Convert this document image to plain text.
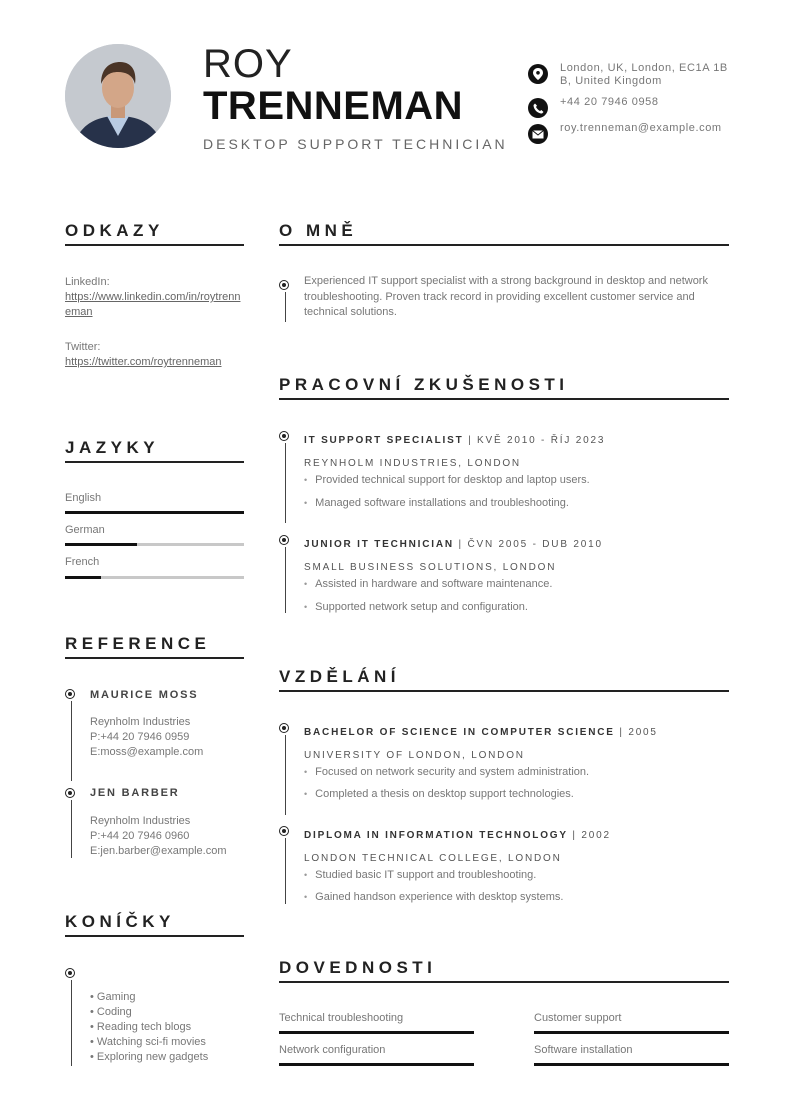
ROY
TRENNEMAN
DESKTOP SUPPORT TECHNICIAN
London, UK, London, EC1A 1BB, United Kingdom
+44 20 7946 0958
roy.trenneman@example.com
ODKAZY
LinkedIn:
https://www.linkedin.com/in/roytrenneman
Twitter:
https://twitter.com/roytrenneman
JAZYKY
English
German
French
REFERENCE
MAURICE MOSS
Reynholm Industries
P:+44 20 7946 0959
E:moss@example.com
JEN BARBER
Reynholm Industries
P:+44 20 7946 0960
E:jen.barber@example.com
KONÍČKY
• Gaming
• Coding
• Reading tech blogs
• Watching sci-fi movies
• Exploring new gadgets
O MNĚ
Experienced IT support specialist with a strong background in desktop and network troubleshooting. Proven track record in providing excellent customer service and technical solutions.
PRACOVNÍ ZKUŠENOSTI
IT SUPPORT SPECIALIST | KVĚ 2010 - ŘÍJ 2023
REYNHOLM INDUSTRIES, LONDON
• Provided technical support for desktop and laptop users.
• Managed software installations and troubleshooting.
JUNIOR IT TECHNICIAN | ČVN 2005 - DUB 2010
SMALL BUSINESS SOLUTIONS, LONDON
• Assisted in hardware and software maintenance.
• Supported network setup and configuration.
VZDĚLÁNÍ
BACHELOR OF SCIENCE IN COMPUTER SCIENCE | 2005
UNIVERSITY OF LONDON, LONDON
• Focused on network security and system administration.
• Completed a thesis on desktop support technologies.
DIPLOMA IN INFORMATION TECHNOLOGY | 2002
LONDON TECHNICAL COLLEGE, LONDON
• Studied basic IT support and troubleshooting.
• Gained handson experience with desktop systems.
DOVEDNOSTI
Technical troubleshooting	Customer support
Network configuration	Software installation
